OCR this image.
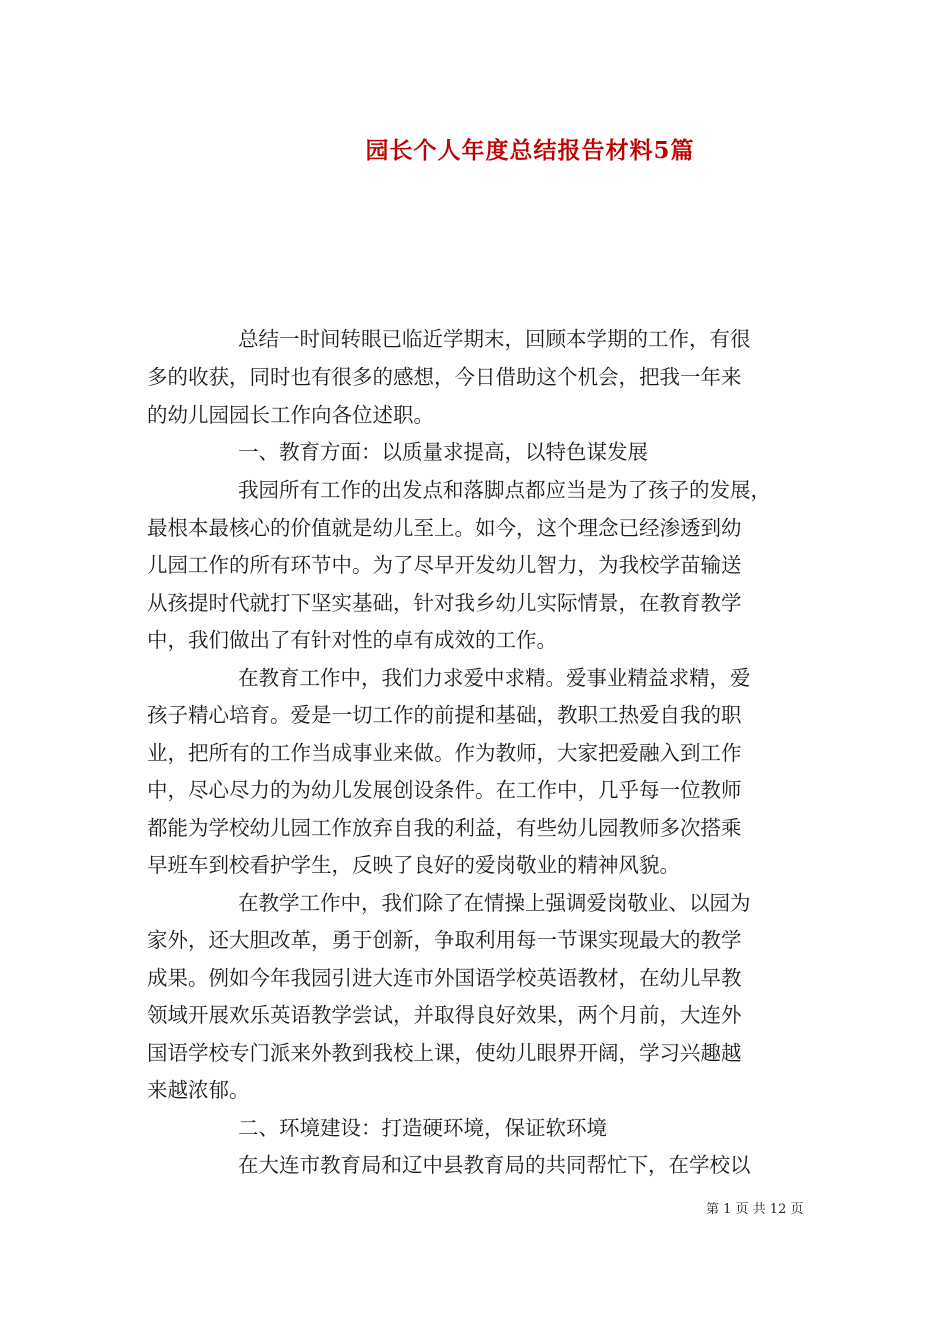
园长个人年度总结报告材料5篇
总结一时间转眼已临近学期末，回顾本学期的工作，有很
多的收获，同时也有很多的感想，今日借助这个机会，把我一年来
的幼儿园园长工作向各位述职。
一、教育方面：以质量求提高，以特色谋发展
我园所有工作的出发点和落脚点都应当是为了孩子的发展，
最根本最核心的价值就是幼儿至上。如今，这个理念已经渗透到幼
儿园工作的所有环节中。为了尽早开发幼儿智力，为我校学苗输送
从孩提时代就打下坚实基础，针对我乡幼儿实际情景，在教育教学
中，我们做出了有针对性的卓有成效的工作。
在教育工作中，我们力求爱中求精。爱事业精益求精，爱
孩子精心培育。爱是一切工作的前提和基础，教职工热爱自我的职
业，把所有的工作当成事业来做。作为教师，大家把爱融入到工作
中，尽心尽力的为幼儿发展创设条件。在工作中，几乎每一位教师
都能为学校幼儿园工作放弃自我的利益，有些幼儿园教师多次搭乘
早班车到校看护学生，反映了良好的爱岗敬业的精神风貌。
在教学工作中，我们除了在情操上强调爱岗敬业、以园为
家外，还大胆改革，勇于创新，争取利用每一节课实现最大的教学
成果。例如今年我园引进大连市外国语学校英语教材，在幼儿早教
领域开展欢乐英语教学尝试，并取得良好效果，两个月前，大连外
国语学校专门派来外教到我校上课，使幼儿眼界开阔，学习兴趣越
来越浓郁。
二、环境建设：打造硬环境，保证软环境
在大连市教育局和辽中县教育局的共同帮忙下，在学校以
第 1 页 共 12 页
